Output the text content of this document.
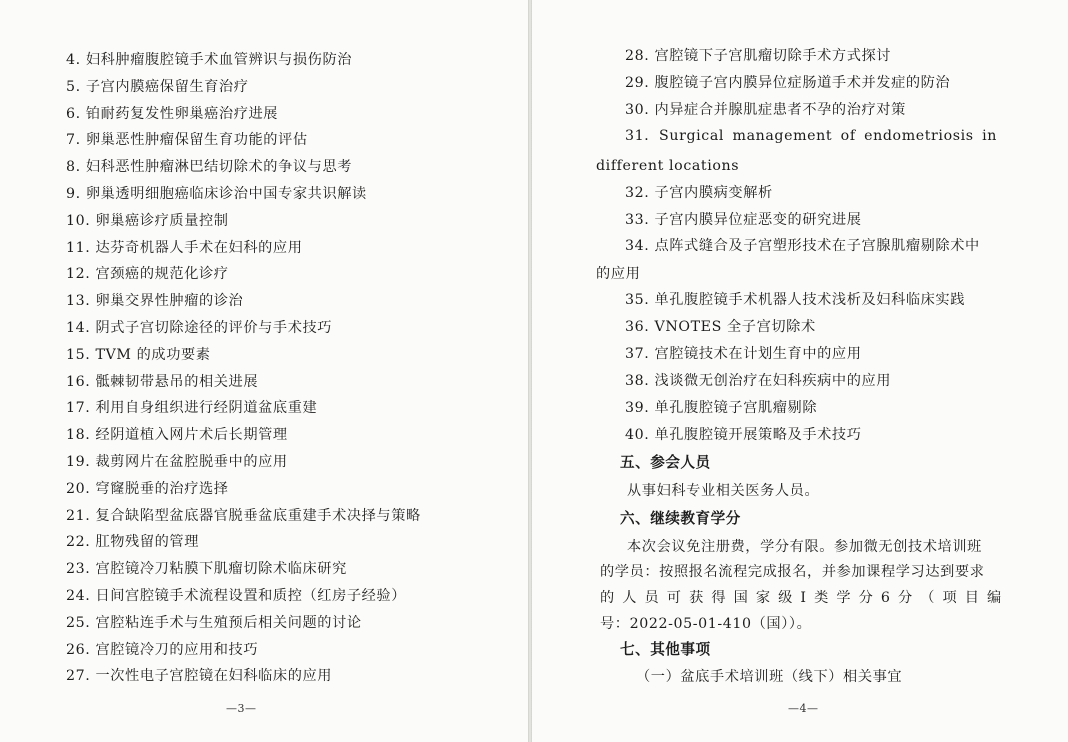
4. 妇科肿瘤腹腔镜手术血管辨识与损伤防治
5. 子宫内膜癌保留生育治疗
6. 铂耐药复发性卵巢癌治疗进展
7. 卵巢恶性肿瘤保留生育功能的评估
8. 妇科恶性肿瘤淋巴结切除术的争议与思考
9. 卵巢透明细胞癌临床诊治中国专家共识解读
10. 卵巢癌诊疗质量控制
11. 达芬奇机器人手术在妇科的应用
12. 宫颈癌的规范化诊疗
13. 卵巢交界性肿瘤的诊治
14. 阴式子宫切除途径的评价与手术技巧
15. TVM 的成功要素
16. 骶棘韧带悬吊的相关进展
17. 利用自身组织进行经阴道盆底重建
18. 经阴道植入网片术后长期管理
19. 裁剪网片在盆腔脱垂中的应用
20. 穹窿脱垂的治疗选择
21. 复合缺陷型盆底器官脱垂盆底重建手术决择与策略
22. 肛物残留的管理
23. 宫腔镜冷刀粘膜下肌瘤切除术临床研究
24. 日间宫腔镜手术流程设置和质控（红房子经验）
25. 宫腔粘连手术与生殖预后相关问题的讨论
26. 宫腔镜冷刀的应用和技巧
27. 一次性电子宫腔镜在妇科临床的应用
—3—
28. 宫腔镜下子宫肌瘤切除手术方式探讨
29. 腹腔镜子宫内膜异位症肠道手术并发症的防治
30. 内异症合并腺肌症患者不孕的治疗对策
31．Surgical management of endometriosis in
different locations
32. 子宫内膜病变解析
33. 子宫内膜异位症恶变的研究进展
34. 点阵式缝合及子宫塑形技术在子宫腺肌瘤剔除术中
的应用
35. 单孔腹腔镜手术机器人技术浅析及妇科临床实践
36. VNOTES 全子宫切除术
37. 宫腔镜技术在计划生育中的应用
38. 浅谈微无创治疗在妇科疾病中的应用
39. 单孔腹腔镜子宫肌瘤剔除
40. 单孔腹腔镜开展策略及手术技巧
五、参会人员
从事妇科专业相关医务人员。
六、继续教育学分
本次会议免注册费，学分有限。参加微无创技术培训班
的学员：按照报名流程完成报名，并参加课程学习达到要求
的 人 员 可 获 得 国 家 级 Ⅰ 类 学 分 6 分 （ 项 目 编
号：2022-05-01-410（国））。
七、其他事项
（一）盆底手术培训班（线下）相关事宜
—4—
